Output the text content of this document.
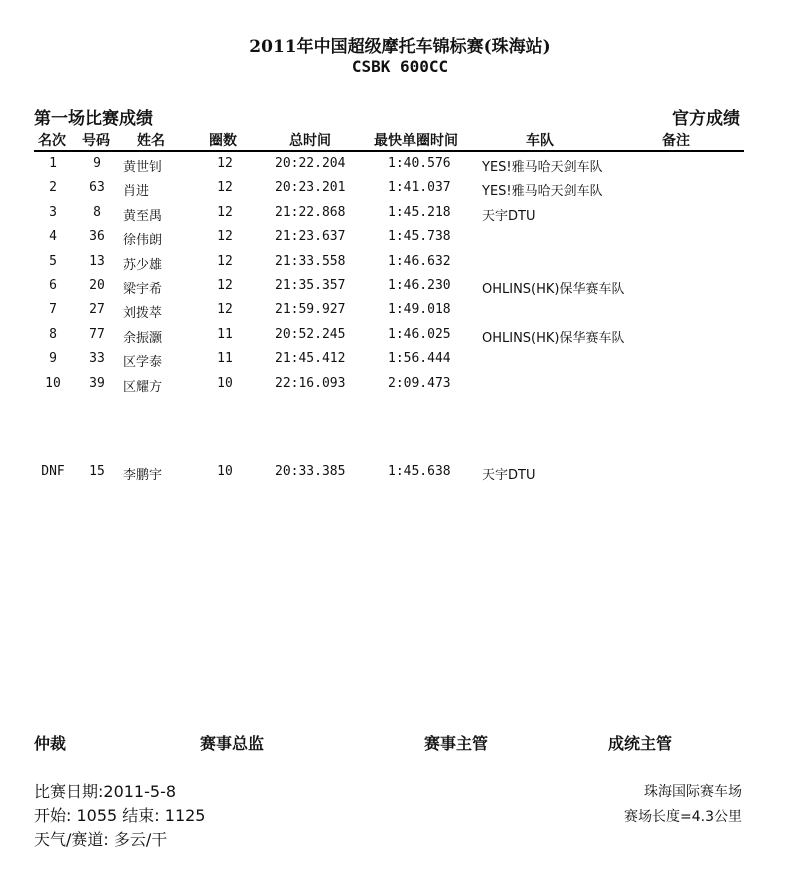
2011年中国超级摩托车锦标赛(珠海站)
CSBK 600CC
第一场比赛成绩	官方成绩
名次 号码 姓名	圈数	总时间	最快单圈时间	车队	备注
1	9	黄世钊	12	20:22.204	1:40.576 YES!雅马哈天剑车队
2	63	肖进	12	20:23.201	1:41.037 YES!雅马哈天剑车队
3	8	黄至禺	12	21:22.868	1:45.218 天宇DTU
4	36	徐伟朗	12	21:23.637	1:45.738
5	13	苏少雄	12	21:33.558	1:46.632
6	20	梁宇希	12	21:35.357	1:46.230 OHLINS(HK)保华赛车队
7	27	刘拨萃	12	21:59.927	1:49.018
8	77	余振灏	11	20:52.245	1:46.025 OHLINS(HK)保华赛车队
9	33	区学泰	11	21:45.412	1:56.444
10	39	区耀方	10	22:16.093	2:09.473
DNF	15	李鹏宇	10	20:33.385	1:45.638 天宇DTU
仲裁	赛事总监	赛事主管	成统主管
比赛日期:2011-5-8
开始: 1055 结束: 1125
天气/赛道: 多云/干
珠海国际赛车场
赛场长度=4.3公里
